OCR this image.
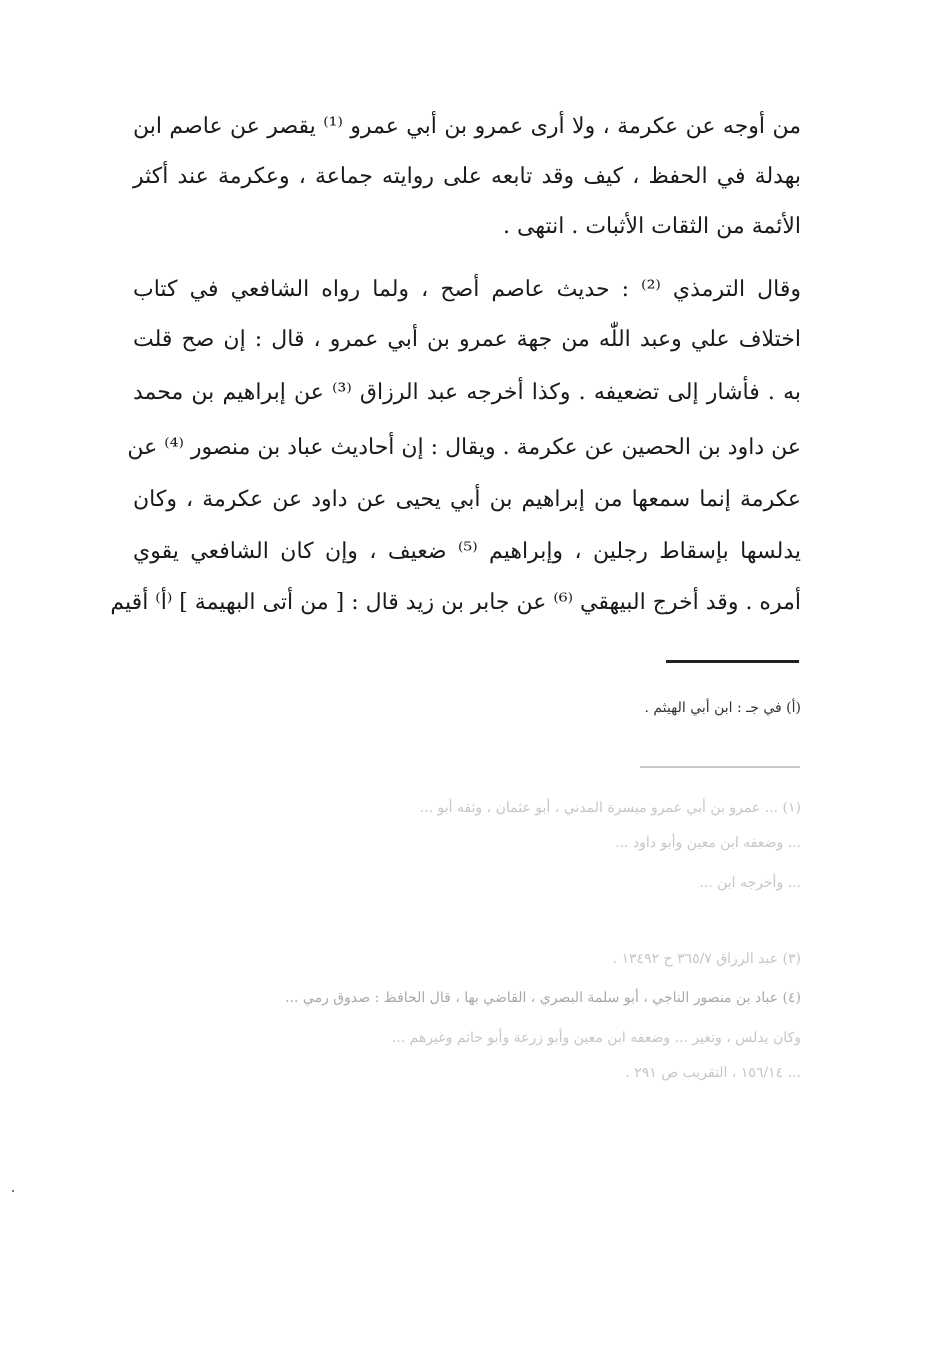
من أوجه عن عكرمة ، ولا أرى عمرو بن أبي عمرو ⁽¹⁾ يقصر عن عاصم ابن
بهدلة في الحفظ ، كيف وقد تابعه على روايته جماعة ، وعكرمة عند أكثر
الأئمة من الثقات الأثبات . انتهى .
وقال الترمذي ⁽²⁾ : حديث عاصم أصح ، ولما رواه الشافعي في كتاب
اختلاف علي وعبد اللّٰه من جهة عمرو بن أبي عمرو ، قال : إن صح قلت
به . فأشار إلى تضعيفه . وكذا أخرجه عبد الرزاق ⁽³⁾ عن إبراهيم بن محمد
عن داود بن الحصين عن عكرمة . ويقال : إن أحاديث عباد بن منصور ⁽⁴⁾ عن
عكرمة إنما سمعها من إبراهيم بن أبي يحيى عن داود عن عكرمة ، وكان
يدلسها بإسقاط رجلين ، وإبراهيم ⁽⁵⁾ ضعيف ، وإن كان الشافعي يقوي
أمره . وقد أخرج البيهقي ⁽⁶⁾ عن جابر بن زيد قال : [ من أتى البهيمة ] ⁽أ⁾ أقيم
(أ) في جـ : ابن أبي الهيثم .
(١) ... عمرو بن أبي عمرو ميسرة المدني ، أبو عثمان ، وثقه أبو ...
... وضعفه ابن معين وأبو داود ...
... وأخرجه ابن ...
(٣) عبد الرزاق ٣٦٥/٧ ح ١٣٤٩٢ .
(٤) عباد بن منصور الناجي ، أبو سلمة البصري ، القاضي بها ، قال الحافظ : صدوق رمي ...
وكان يدلس ، وتغير ... وضعفه ابن معين وأبو زرعة وأبو حاتم وغيرهم ...
... ١٥٦/١٤ ، التقريب ص ٢٩١ .
